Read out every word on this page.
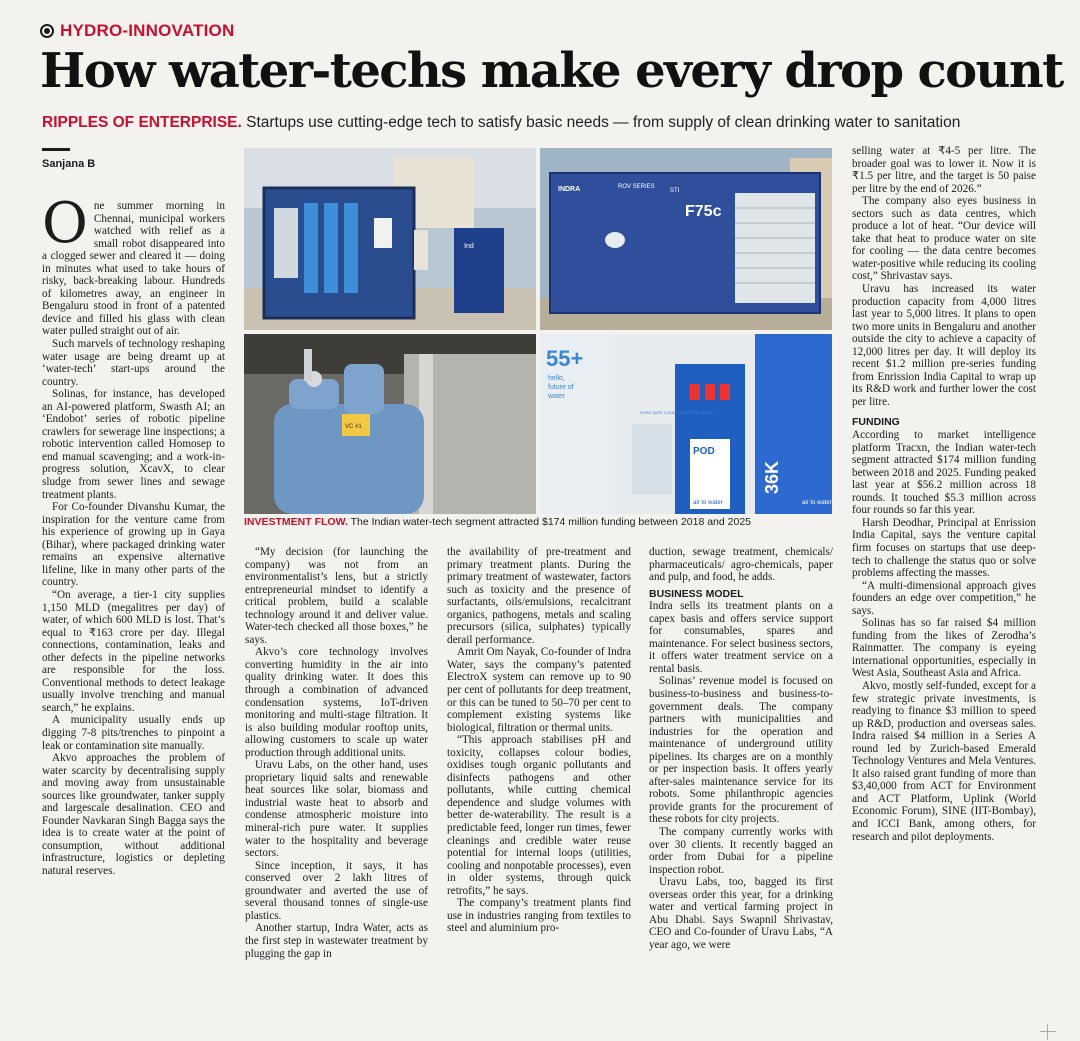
HYDRO-INNOVATION
How water-techs make every drop count
RIPPLES OF ENTERPRISE. Startups use cutting-edge tech to satisfy basic needs — from supply of clean drinking water to sanitation
Sanjana B

One summer morning in Chennai, municipal workers watched with relief as a small robot disappeared into a clogged sewer and cleared it — doing in minutes what used to take hours of risky, back-breaking labour. Hundreds of kilometres away, an engineer in Bengaluru stood in front of a patented device and filled his glass with clean water pulled straight out of air.

Such marvels of technology reshaping water usage are being dreamt up at ‘water-tech’ start-ups around the country.

Solinas, for instance, has developed an AI-powered platform, Swasth AI; an ‘Endobot’ series of robotic pipeline crawlers for sewerage line inspections; a robotic intervention called Homosep to end manual scavenging; and a work-in-progress solution, XcavX, to clear sludge from sewer lines and sewage treatment plants.

For Co-founder Divanshu Kumar, the inspiration for the venture came from his experience of growing up in Gaya (Bihar), where packaged drinking water remains an expensive alternative lifeline, like in many other parts of the country.

“On average, a tier-1 city supplies 1,150 MLD (megalitres per day) of water, of which 600 MLD is lost. That’s equal to ₹163 crore per day. Illegal connections, contamination, leaks and other defects in the pipeline networks are responsible for the loss. Conventional methods to detect leakage usually involve trenching and manual search,” he explains.

A municipality usually ends up digging 7-8 pits/trenches to pinpoint a leak or contamination site manually.

Akvo approaches the problem of water scarcity by decentralising supply and moving away from unsustainable sources like groundwater, tanker supply and largescale desalination. CEO and Founder Navkaran Singh Bagga says the idea is to create water at the point of consumption, without additional infrastructure, logistics or depleting natural reserves.

Ind
INDRA	ROV SERIES
STI
F75c
VC #1
55+
hello,
future of
water
POD
air to water
36K
air to water
PURE SAFE CLEAN WATER FROM AIR
INVESTMENT FLOW. The Indian water-tech segment attracted $174 million funding between 2018 and 2025

“My decision (for launching the company) was not from an environmentalist’s lens, but a strictly entrepreneurial mindset to identify a critical problem, build a scalable technology around it and deliver value. Water-tech checked all those boxes,” he says.

Akvo’s core technology involves converting humidity in the air into quality drinking water. It does this through a combination of advanced condensation systems, IoT-driven monitoring and multi-stage filtration. It is also building modular rooftop units, allowing customers to scale up water production through additional units.

Uravu Labs, on the other hand, uses proprietary liquid salts and renewable heat sources like solar, biomass and industrial waste heat to absorb and condense atmospheric moisture into mineral-rich pure water. It supplies water to the hospitality and beverage sectors.

Since inception, it says, it has conserved over 2 lakh litres of groundwater and averted the use of several thousand tonnes of single-use plastics.

Another startup, Indra Water, acts as the first step in wastewater treatment by plugging the gap in

the availability of pre-treatment and primary treatment plants. During the primary treatment of wastewater, factors such as toxicity and the presence of surfactants, oils/emulsions, recalcitrant organics, pathogens, metals and scaling precursors (silica, sulphates) typically derail performance.

Amrit Om Nayak, Co-founder of Indra Water, says the company’s patented ElectroX system can remove up to 90 per cent of pollutants for deep treatment, or this can be tuned to 50–70 per cent to complement existing systems like biological, filtration or thermal units.

“This approach stabilises pH and toxicity, collapses colour bodies, oxidises tough organic pollutants and disinfects pathogens and other pollutants, while cutting chemical dependence and sludge volumes with better de-waterability. The result is a predictable feed, longer run times, fewer cleanings and credible water reuse potential for internal loops (utilities, cooling and nonpotable processes), even in older systems, through quick retrofits,” he says.

The company’s treatment plants find use in industries ranging from textiles to steel and aluminium pro-

duction, sewage treatment, chemicals/ pharmaceuticals/ agro-chemicals, paper and pulp, and food, he adds.

BUSINESS MODEL

Indra sells its treatment plants on a capex basis and offers service support for consumables, spares and maintenance. For select business sectors, it offers water treatment service on a rental basis.

Solinas’ revenue model is focused on business-to-business and business-to-government deals. The company partners with municipalities and industries for the operation and maintenance of underground utility pipelines. Its charges are on a monthly or per inspection basis. It offers yearly after-sales maintenance service for its robots. Some philanthropic agencies provide grants for the procurement of these robots for city projects.

The company currently works with over 30 clients. It recently bagged an order from Dubai for a pipeline inspection robot.

Uravu Labs, too, bagged its first overseas order this year, for a drinking water and vertical farming project in Abu Dhabi. Says Swapnil Shrivastav, CEO and Co-founder of Uravu Labs, “A year ago, we were

selling water at ₹4-5 per litre. The broader goal was to lower it. Now it is ₹1.5 per litre, and the target is 50 paise per litre by the end of 2026.”

The company also eyes business in sectors such as data centres, which produce a lot of heat. “Our device will take that heat to produce water on site for cooling — the data centre becomes water-positive while reducing its cooling cost,” Shrivastav says.

Uravu has increased its water production capacity from 4,000 litres last year to 5,000 litres. It plans to open two more units in Bengaluru and another outside the city to achieve a capacity of 12,000 litres per day. It will deploy its recent $1.2 million pre-series funding from Enrission India Capital to wrap up its R&D work and further lower the cost per litre.

FUNDING

According to market intelligence platform Tracxn, the Indian water-tech segment attracted $174 million funding between 2018 and 2025. Funding peaked last year at $56.2 million across 18 rounds. It touched $5.3 million across four rounds so far this year.

Harsh Deodhar, Principal at Enrission India Capital, says the venture capital firm focuses on startups that use deep-tech to challenge the status quo or solve problems affecting the masses.

“A multi-dimensional approach gives founders an edge over competition,” he says.

Solinas has so far raised $4 million funding from the likes of Zerodha’s Rainmatter. The company is eyeing international opportunities, especially in West Asia, Southeast Asia and Africa.

Akvo, mostly self-funded, except for a few strategic private investments, is readying to finance $3 million to speed up R&D, production and overseas sales. Indra raised $4 million in a Series A round led by Zurich-based Emerald Technology Ventures and Mela Ventures. It also raised grant funding of more than $3,40,000 from ACT for Environment and ACT Platform, Uplink (World Economic Forum), SINE (IIT-Bombay), and ICCI Bank, among others, for research and pilot deployments.
